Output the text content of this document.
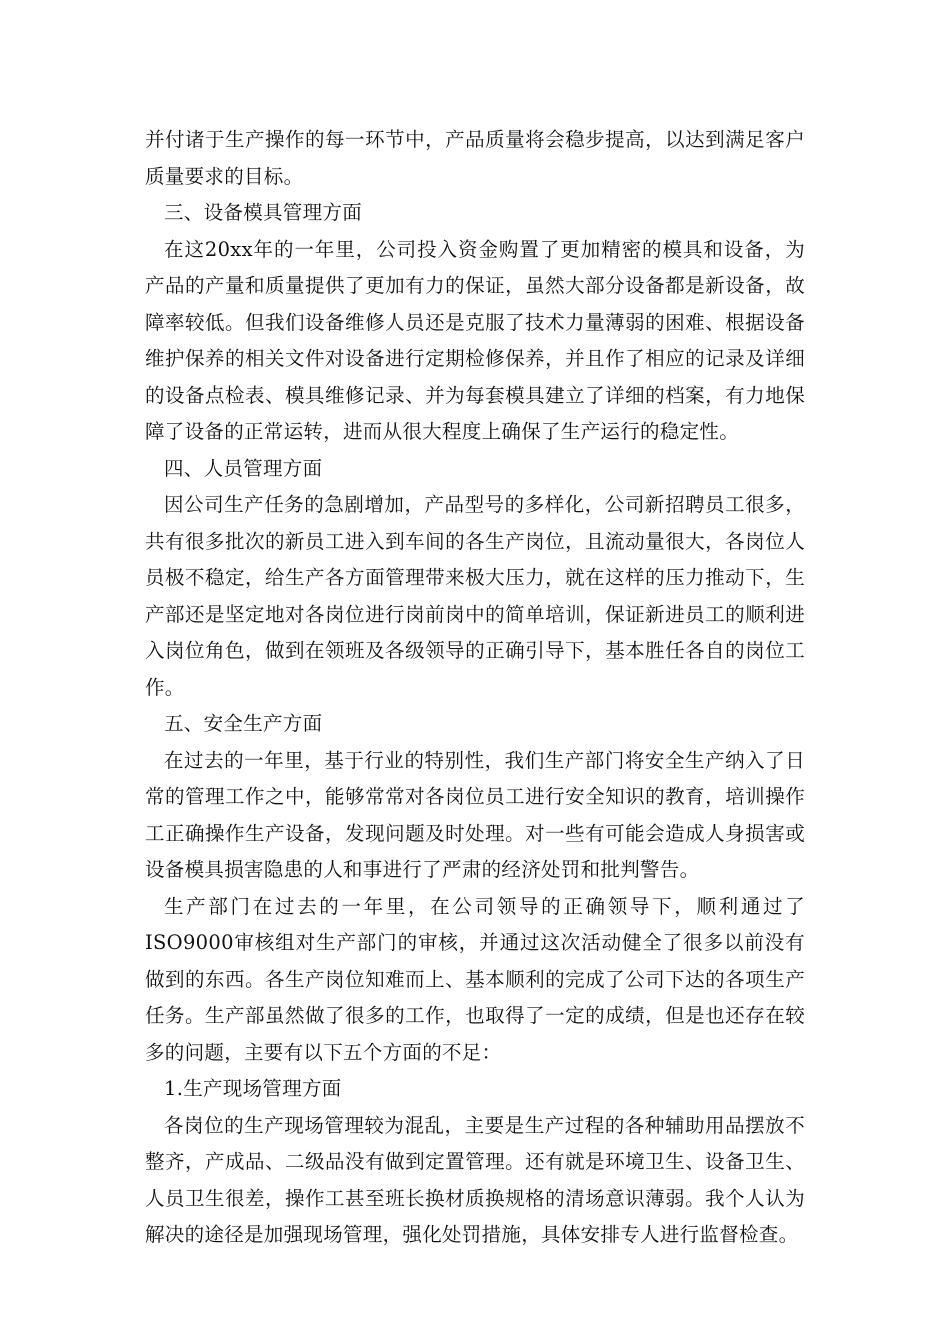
并付诸于生产操作的每一环节中，产品质量将会稳步提高，以达到满足客户质量要求的目标。

三、设备模具管理方面

在这20xx年的一年里，公司投入资金购置了更加精密的模具和设备，为产品的产量和质量提供了更加有力的保证，虽然大部分设备都是新设备，故障率较低。但我们设备维修人员还是克服了技术力量薄弱的困难、根据设备维护保养的相关文件对设备进行定期检修保养，并且作了相应的记录及详细的设备点检表、模具维修记录、并为每套模具建立了详细的档案，有力地保障了设备的正常运转，进而从很大程度上确保了生产运行的稳定性。

四、人员管理方面

因公司生产任务的急剧增加，产品型号的多样化，公司新招聘员工很多，共有很多批次的新员工进入到车间的各生产岗位，且流动量很大，各岗位人员极不稳定，给生产各方面管理带来极大压力，就在这样的压力推动下，生产部还是坚定地对各岗位进行岗前岗中的简单培训，保证新进员工的顺利进入岗位角色，做到在领班及各级领导的正确引导下，基本胜任各自的岗位工作。

五、安全生产方面

在过去的一年里，基于行业的特别性，我们生产部门将安全生产纳入了日常的管理工作之中，能够常常对各岗位员工进行安全知识的教育，培训操作工正确操作生产设备，发现问题及时处理。对一些有可能会造成人身损害或设备模具损害隐患的人和事进行了严肃的经济处罚和批判警告。

生产部门在过去的一年里，在公司领导的正确领导下，顺利通过了ISO9000审核组对生产部门的审核，并通过这次活动健全了很多以前没有做到的东西。各生产岗位知难而上、基本顺利的完成了公司下达的各项生产任务。生产部虽然做了很多的工作，也取得了一定的成绩，但是也还存在较多的问题，主要有以下五个方面的不足：

1.生产现场管理方面

各岗位的生产现场管理较为混乱，主要是生产过程的各种辅助用品摆放不整齐，产成品、二级品没有做到定置管理。还有就是环境卫生、设备卫生、人员卫生很差，操作工甚至班长换材质换规格的清场意识薄弱。我个人认为解决的途径是加强现场管理，强化处罚措施，具体安排专人进行监督检查。
